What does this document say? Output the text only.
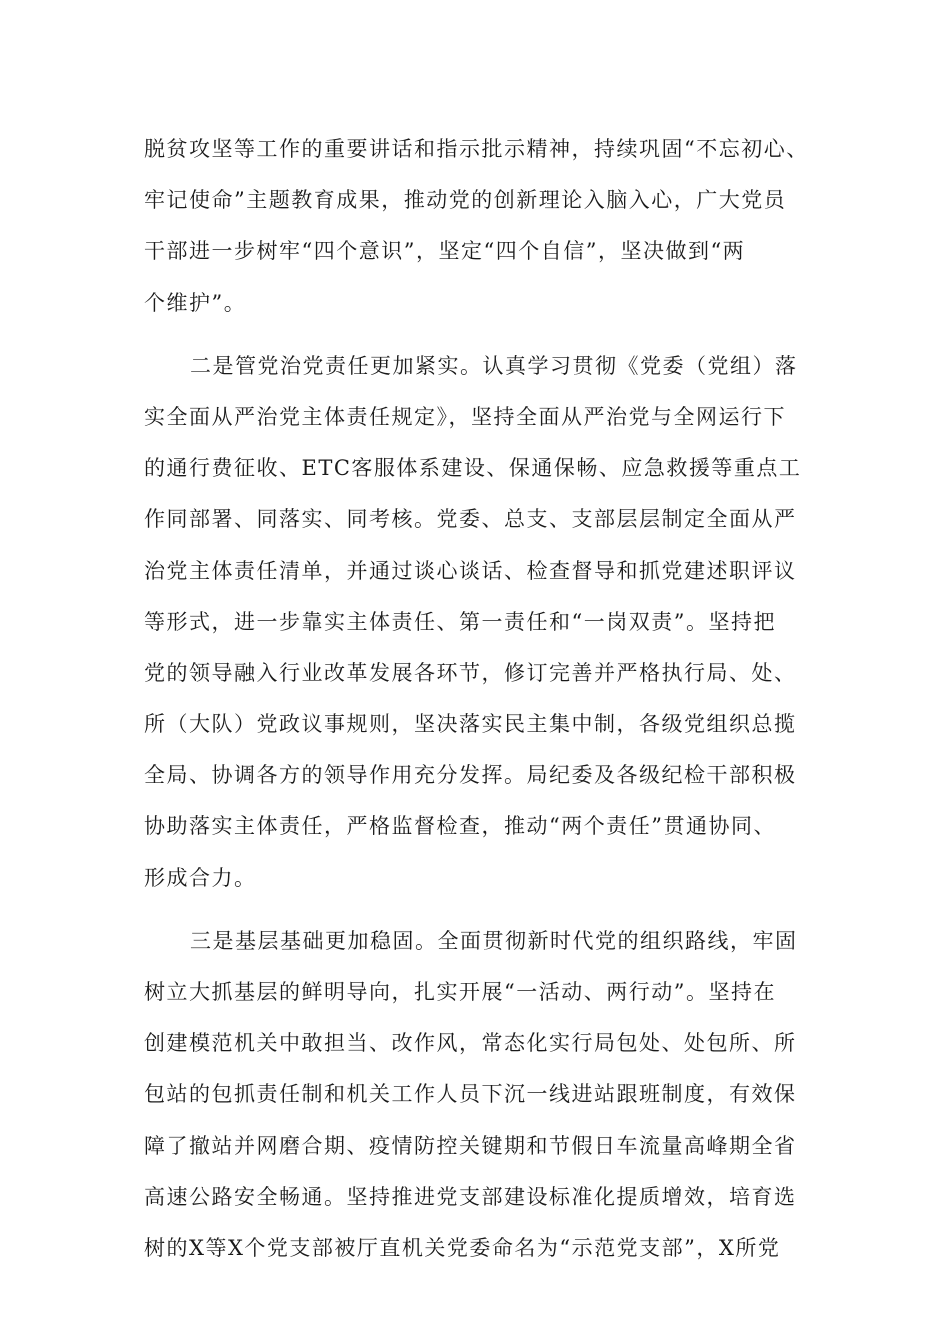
脱贫攻坚等工作的重要讲话和指示批示精神，持续巩固“不忘初心、
牢记使命”主题教育成果，推动党的创新理论入脑入心，广大党员
干部进一步树牢“四个意识”，坚定“四个自信”，坚决做到“两
个维护”。
二是管党治党责任更加紧实。认真学习贯彻《党委（党组）落
实全面从严治党主体责任规定》，坚持全面从严治党与全网运行下
的通行费征收、ETC客服体系建设、保通保畅、应急救援等重点工
作同部署、同落实、同考核。党委、总支、支部层层制定全面从严
治党主体责任清单，并通过谈心谈话、检查督导和抓党建述职评议
等形式，进一步靠实主体责任、第一责任和“一岗双责”。坚持把
党的领导融入行业改革发展各环节，修订完善并严格执行局、处、
所（大队）党政议事规则，坚决落实民主集中制，各级党组织总揽
全局、协调各方的领导作用充分发挥。局纪委及各级纪检干部积极
协助落实主体责任，严格监督检查，推动“两个责任”贯通协同、
形成合力。
三是基层基础更加稳固。全面贯彻新时代党的组织路线，牢固
树立大抓基层的鲜明导向，扎实开展“一活动、两行动”。坚持在
创建模范机关中敢担当、改作风，常态化实行局包处、处包所、所
包站的包抓责任制和机关工作人员下沉一线进站跟班制度，有效保
障了撤站并网磨合期、疫情防控关键期和节假日车流量高峰期全省
高速公路安全畅通。坚持推进党支部建设标准化提质增效，培育选
树的X等X个党支部被厅直机关党委命名为“示范党支部”，X所党
